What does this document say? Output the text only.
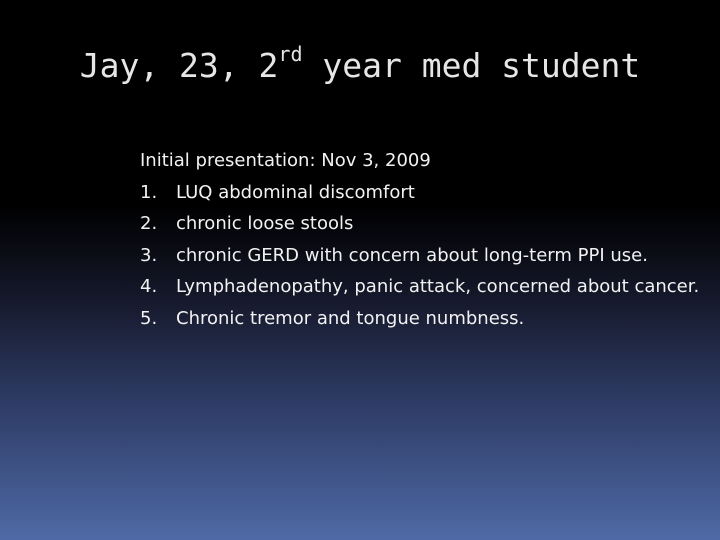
Jay, 23, 2rd year med student
Initial presentation: Nov 3, 2009
1. LUQ abdominal discomfort
2. chronic loose stools
3. chronic GERD with concern about long-term PPI use.
4. Lymphadenopathy, panic attack, concerned about cancer.
5. Chronic tremor and tongue numbness.
